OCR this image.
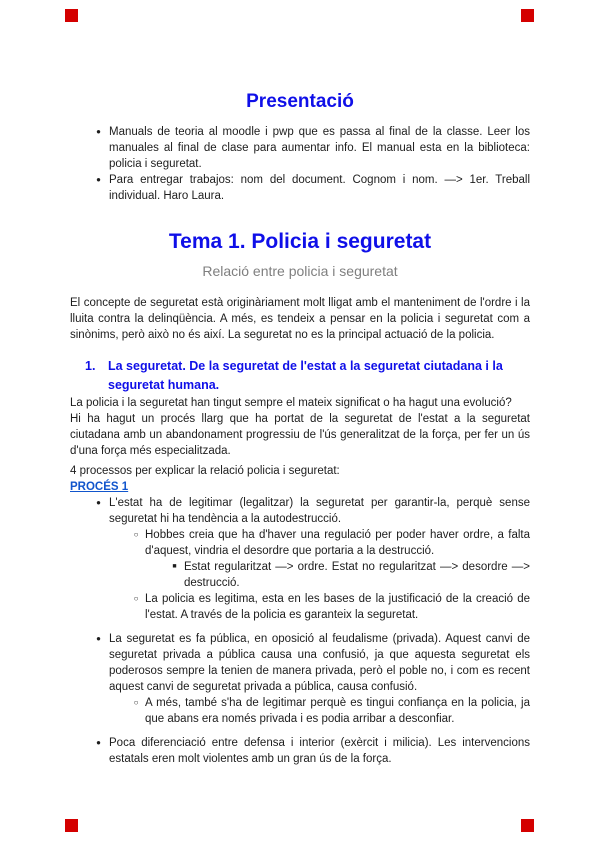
Presentació
● Manuals de teoria al moodle i pwp que es passa al final de la classe. Leer los manuales al final de clase para aumentar info. El manual esta en la biblioteca: policia i seguretat.
● Para entregar trabajos: nom del document. Cognom i nom. —> 1er. Treball individual. Haro Laura.
Tema 1. Policia i seguretat
Relació entre policia i seguretat

El concepte de seguretat està originàriament molt lligat amb el manteniment de l'ordre i la lluita contra la delinqüència. A més, es tendeix a pensar en la policia i seguretat com a sinònims, però això no és així. La seguretat no es la principal actuació de la policia.

1.	La seguretat. De la seguretat de l'estat a la seguretat ciutadana i la seguretat humana.

La policia i la seguretat han tingut sempre el mateix significat o ha hagut una evolució?

Hi ha hagut un procés llarg que ha portat de la seguretat de l'estat a la seguretat ciutadana amb un abandonament progressiu de l'ús generalitzat de la força, per fer un ús d'una força més especialitzada.

4 processos per explicar la relació policia i seguretat:

PROCÉS 1

● L'estat ha de legitimar (legalitzar) la seguretat per garantir-la, perquè sense seguretat hi ha tendència a la autodestrucció.
○ Hobbes creia que ha d'haver una regulació per poder haver ordre, a falta d'aquest, vindria el desordre que portaria a la destrucció.
■ Estat regularitzat —> ordre. Estat no regularitzat —> desordre —> destrucció.
○ La policia es legitima, esta en les bases de la justificació de la creació de l'estat. A través de la policia es garanteix la seguretat.
● La seguretat es fa pública, en oposició al feudalisme (privada). Aquest canvi de seguretat privada a pública causa una confusió, ja que aquesta seguretat els poderosos sempre la tenien de manera privada, però el poble no, i com es recent aquest canvi de seguretat privada a pública, causa confusió.
○ A més, també s'ha de legitimar perquè es tingui confiança en la policia, ja que abans era només privada i es podia arribar a desconfiar.
● Poca diferenciació entre defensa i interior (exèrcit i milicia). Les intervencions estatals eren molt violentes amb un gran ús de la força.
